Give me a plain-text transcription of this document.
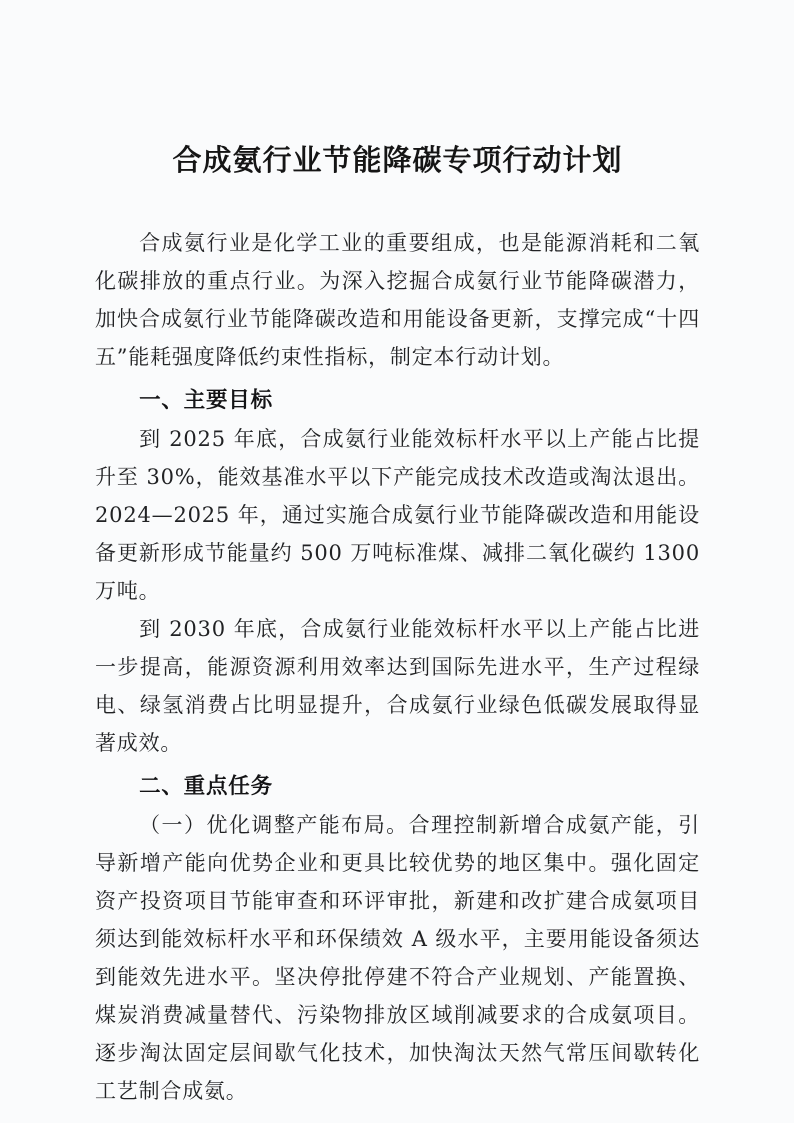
合成氨行业节能降碳专项行动计划

合成氨行业是化学工业的重要组成，也是能源消耗和二氧化碳排放的重点行业。为深入挖掘合成氨行业节能降碳潜力，加快合成氨行业节能降碳改造和用能设备更新，支撑完成“十四五”能耗强度降低约束性指标，制定本行动计划。

一、主要目标

到 2025 年底，合成氨行业能效标杆水平以上产能占比提升至 30%，能效基准水平以下产能完成技术改造或淘汰退出。2024—2025 年，通过实施合成氨行业节能降碳改造和用能设备更新形成节能量约 500 万吨标准煤、减排二氧化碳约 1300 万吨。

到 2030 年底，合成氨行业能效标杆水平以上产能占比进一步提高，能源资源利用效率达到国际先进水平，生产过程绿电、绿氢消费占比明显提升，合成氨行业绿色低碳发展取得显著成效。

二、重点任务

（一）优化调整产能布局。合理控制新增合成氨产能，引导新增产能向优势企业和更具比较优势的地区集中。强化固定资产投资项目节能审查和环评审批，新建和改扩建合成氨项目须达到能效标杆水平和环保绩效 A 级水平，主要用能设备须达到能效先进水平。坚决停批停建不符合产业规划、产能置换、煤炭消费减量替代、污染物排放区域削减要求的合成氨项目。逐步淘汰固定层间歇气化技术，加快淘汰天然气常压间歇转化工艺制合成氨。
